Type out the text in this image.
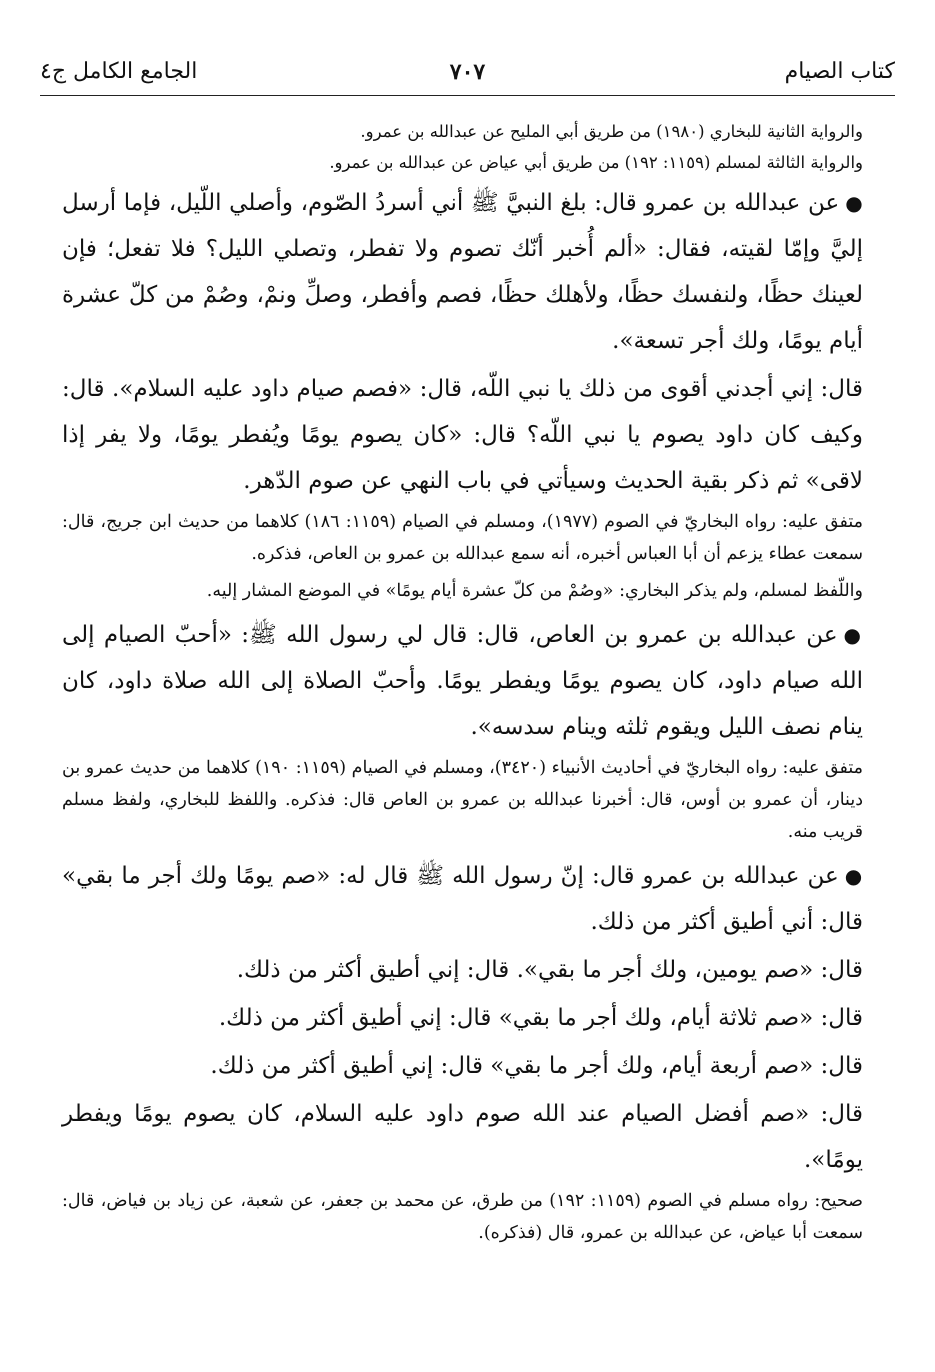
كتاب الصيام
٧٠٧
الجامع الكامل ج٤

والرواية الثانية للبخاري (١٩٨٠) من طريق أبي المليح عن عبدالله بن عمرو.

والرواية الثالثة لمسلم (١١٥٩: ١٩٢) من طريق أبي عياض عن عبدالله بن عمرو.

●عن عبدالله بن عمرو قال: بلغ النبيَّ ﷺ أني أسردُ الصّوم، وأصلي اللّيل، فإما أرسل إليَّ وإمّا لقيته، فقال: «ألم أُخبر أنّك تصوم ولا تفطر، وتصلي الليل؟ فلا تفعل؛ فإن لعينك حظًا، ولنفسك حظًا، ولأهلك حظًا، فصم وأفطر، وصلِّ ونمْ، وصُمْ من كلّ عشرة أيام يومًا، ولك أجر تسعة».

قال: إني أجدني أقوى من ذلك يا نبي اللّه، قال: «فصم صيام داود عليه السلام». قال: وكيف كان داود يصوم يا نبي اللّه؟ قال: «كان يصوم يومًا ويُفطر يومًا، ولا يفر إذا لاقى» ثم ذكر بقية الحديث وسيأتي في باب النهي عن صوم الدّهر.

متفق عليه: رواه البخاريّ في الصوم (١٩٧٧)، ومسلم في الصيام (١١٥٩: ١٨٦) كلاهما من حديث ابن جريج، قال: سمعت عطاء يزعم أن أبا العباس أخبره، أنه سمع عبدالله بن عمرو بن العاص، فذكره.

واللّفظ لمسلم، ولم يذكر البخاري: «وصُمْ من كلّ عشرة أيام يومًا» في الموضع المشار إليه.

●عن عبدالله بن عمرو بن العاص، قال: قال لي رسول الله ﷺ: «أحبّ الصيام إلى الله صيام داود، كان يصوم يومًا ويفطر يومًا. وأحبّ الصلاة إلى الله صلاة داود، كان ينام نصف الليل ويقوم ثلثه وينام سدسه».

متفق عليه: رواه البخاريّ في أحاديث الأنبياء (٣٤٢٠)، ومسلم في الصيام (١١٥٩: ١٩٠) كلاهما من حديث عمرو بن دينار، أن عمرو بن أوس، قال: أخبرنا عبدالله بن عمرو بن العاص قال: فذكره. واللفظ للبخاري، ولفظ مسلم قريب منه.

●عن عبدالله بن عمرو قال: إنّ رسول الله ﷺ قال له: «صم يومًا ولك أجر ما بقي» قال: أني أطيق أكثر من ذلك.

قال: «صم يومين، ولك أجر ما بقي». قال: إني أطيق أكثر من ذلك.

قال: «صم ثلاثة أيام، ولك أجر ما بقي» قال: إني أطيق أكثر من ذلك.

قال: «صم أربعة أيام، ولك أجر ما بقي» قال: إني أطيق أكثر من ذلك.

قال: «صم أفضل الصيام عند الله صوم داود عليه السلام، كان يصوم يومًا ويفطر يومًا».

صحيح: رواه مسلم في الصوم (١١٥٩: ١٩٢) من طرق، عن محمد بن جعفر، عن شعبة، عن زياد بن فياض، قال: سمعت أبا عياض، عن عبدالله بن عمرو، قال (فذكره).
